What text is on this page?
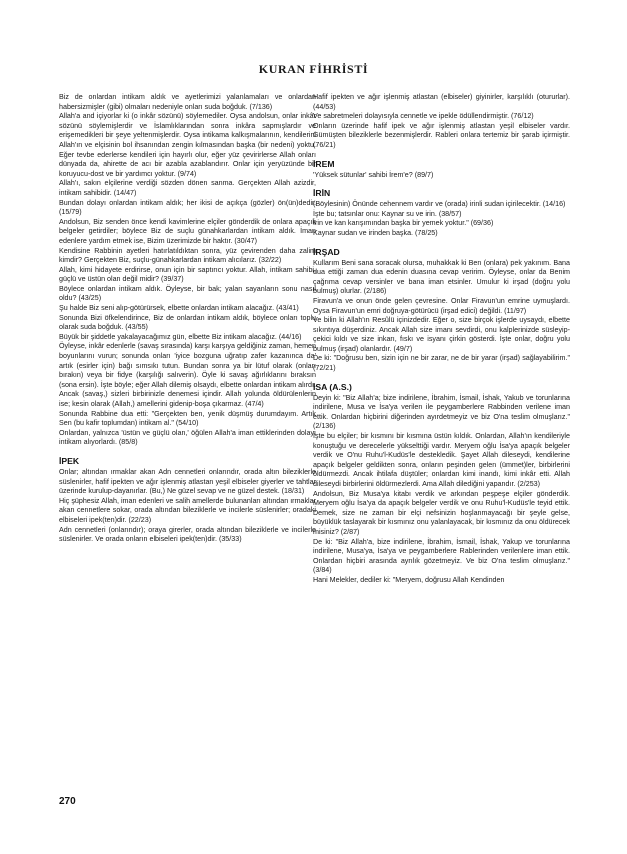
KURAN FİHRİSTİ
Biz de onlardan intikam aldık ve ayetlerimizi yalanlamaları ve onlardan habersizmişler (gibi) olmaları nedeniyle onları suda boğduk. (7/136)
Allah'a and içiyorlar ki (o inkâr sözünü) söylemediler. Oysa andolsun, onlar inkâr sözünü söylemişlerdir ve İslamlıklarından sonra inkâra sapmışlardır ve erişemedikleri bir şeye yeltenmişlerdir. Oysa intikama kalkışmalarının, kendilerini Allah'ın ve elçisinin bol ihsanından zengin kılmasından başka (bir nedeni) yoktu. Eğer tevbe ederlerse kendileri için hayırlı olur, eğer yüz çevirirlerse Allah onları dünyada da, ahirette de acı bir azabla azablandırır. Onlar için yeryüzünde bir koruyucu-dost ve bir yardımcı yoktur. (9/74)
Allah'ı, sakın elçilerine verdiği sözden dönen sanma. Gerçekten Allah azizdir, intikam sahibidir. (14/47)
Bundan dolayı onlardan intikam aldık; her ikisi de açıkça (gözler) ön(ün)dedir. (15/79)
Andolsun, Biz senden önce kendi kavimlerine elçiler gönderdik de onlara apaçık belgeler getirdiler; böylece Biz de suçlu günahkarlardan intikam aldık. İman edenlere yardım etmek ise, Bizim üzerimizde bir haktır. (30/47)
Kendisine Rabbinin ayetleri hatırlatıldıktan sonra, yüz çevirenden daha zalim kimdir? Gerçekten Biz, suçlu-günahkarlardan intikam alıcılarız. (32/22)
Allah, kimi hidayete erdirirse, onun için bir saptırıcı yoktur. Allah, intikam sahibi, güçlü ve üstün olan değil midir? (39/37)
Böylece onlardan intikam aldık. Öyleyse, bir bak; yalan sayanların sonu nasıl oldu? (43/25)
Şu halde Biz seni alıp-götürürsek, elbette onlardan intikam alacağız. (43/41)
Sonunda Bizi öfkelendirince, Biz de onlardan intikam aldık, böylece onları toplu olarak suda boğduk. (43/55)
Büyük bir şiddetle yakalayacağımız gün, elbette Biz intikam alacağız. (44/16)
Öyleyse, inkâr edenlerle (savaş sırasında) karşı karşıya geldiğiniz zaman, hemen boyunlarını vurun; sonunda onları 'iyice bozguna uğratıp zafer kazanınca da' artık (esirler için) bağı sımsıkı tutun. Bundan sonra ya bir lütuf olarak (onları bırakın) veya bir fidye (karşılığı salıverin). Öyle ki savaş ağırlıklarını bıraksın (sona ersin). İşte böyle; eğer Allah dilemiş olsaydı, elbette onlardan intikam alırdı. Ancak (savaş,) sizleri birbirinizle denemesi içindir. Allah yolunda öldürülenlerin ise; kesin olarak (Allah,) amellerini gidenip-boşa çıkarmaz. (47/4)
Sonunda Rabbine dua etti: "Gerçekten ben, yenik düşmüş durumdayım. Artık Sen (bu kafir toplumdan) intikam al." (54/10)
Onlardan, yalnızca 'üstün ve güçlü olan,' öğülen Allah'a iman ettiklerinden dolayı intikam alıyorlardı. (85/8)
İPEK
Onlar; altından ırmaklar akan Adn cennetleri onlarındır, orada altın bileziklerle süslenirler, hafif ipekten ve ağır işlenmiş atlastan yeşil elbiseler giyerler ve tahtlar üzerinde kurulup-dayanırlar. (Bu,) Ne güzel sevap ve ne güzel destek. (18/31)
Hiç şüphesiz Allah, iman edenleri ve salih amellerde bulunanları altından ırmaklar akan cennetlere sokar, orada altından bileziklerle ve incilerle süslenirler; oradaki elbiseleri ipek(ten)dir. (22/23)
Adn cennetleri (onlarındır); oraya girerler, orada altından bileziklerle ve incilerle süslenirler. Ve orada onların elbiseleri ipek(ten)dir. (35/33)
Hafif ipekten ve ağır işlenmiş atlastan (elbiseler) giyinirler, karşılıklı (otururlar). (44/53)
Ve sabretmeleri dolayısıyla cennetle ve ipekle ödüllendirmiştir. (76/12)
Onların üzerinde hafif ipek ve ağır işlenmiş atlastan yeşil elbiseler vardır. Gümüşten bileziklerle bezenmişlerdir. Rableri onlara tertemiz bir şarab içirmiştir. (76/21)
İREM
'Yüksek sütunlar' sahibi İrem'e? (89/7)
İRİN
(Böylesinin) Önünde cehennem vardır ve (orada) irinli sudan içirilecektir. (14/16)
İşte bu; tatsınlar onu: Kaynar su ve irin. (38/57)
İrin ve kan karışımından başka bir yemek yoktur." (69/36)
Kaynar sudan ve irinden başka. (78/25)
İRŞAD
Kullarım Beni sana soracak olursa, muhakkak ki Ben (onlara) pek yakınım. Bana dua ettiği zaman dua edenin duasına cevap veririm. Öyleyse, onlar da Benim çağrıma cevap versinler ve bana iman etsinler. Umulur ki irşad (doğru yolu bulmuş) olurlar. (2/186)
Firavun'a ve onun önde gelen çevresine. Onlar Firavun'un emrine uymuşlardı. Oysa Firavun'un emri doğruya-götürücü (irşad edici) değildi. (11/97)
Ve bilin ki Allah'ın Resûlü içinizdedir. Eğer o, size birçok işlerde uysaydı, elbette sıkıntıya düşerdiniz. Ancak Allah size imanı sevdirdi, onu kalplerinizde süsleyip-çekici kıldı ve size inkarı, fıskı ve isyanı çirkin gösterdi. İşte onlar, doğru yolu bulmuş (irşad) olanlardır. (49/7)
De ki: "Doğrusu ben, sizin için ne bir zarar, ne de bir yarar (irşad) sağlayabilirim." (72/21)
İSA (A.S.)
Deyin ki: "Biz Allah'a; bize indirilene, İbrahim, İsmail, İshak, Yakub ve torunlarına indirilene, Musa ve İsa'ya verilen ile peygamberlere Rabbinden verilene iman ettik. Onlardan hiçbirini diğerinden ayırdetmeyiz ve biz O'na teslim olmuşlarız." (2/136)
İşte bu elçiler; bir kısmını bir kısmına üstün kıldık. Onlardan, Allah'ın kendileriyle konuştuğu ve derecelerle yükselttiği vardır. Meryem oğlu İsa'ya apaçık belgeler verdik ve O'nu Ruhu'l-Kudüs'le destekledik. Şayet Allah dileseydi, kendilerine apaçık belgeler geldikten sonra, onların peşinden gelen (ümmet)ler, birbirlerini öldürmezdi. Ancak ihtilafa düştüler; onlardan kimi inandı, kimi inkâr etti. Allah dileseydi birbirlerini öldürmezlerdi. Ama Allah dilediğini yapandır. (2/253)
Andolsun, Biz Musa'ya kitabı verdik ve arkından peşpeşe elçiler gönderdik. Meryem oğlu İsa'ya da apaçık belgeler verdik ve onu Ruhu'l-Kudüs'le teyid ettik. Demek, size ne zaman bir elçi nefsinizin hoşlanmayacağı bir şeyle gelse, büyüklük taslayarak bir kısmınız onu yalanlayacak, bir kısmınız da onu öldürecek misiniz? (2/87)
De ki: "Biz Allah'a, bize indirilene, İbrahim, İsmail, İshak, Yakup ve torunlarına indirilene, Musa'ya, İsa'ya ve peygamberlere Rablerinden verilenlere iman ettik. Onlardan hiçbiri arasında ayrılık gözetmeyiz. Ve biz O'na teslim olmuşlarız." (3/84)
Hani Melekler, dediler ki: "Meryem, doğrusu Allah Kendinden
270
